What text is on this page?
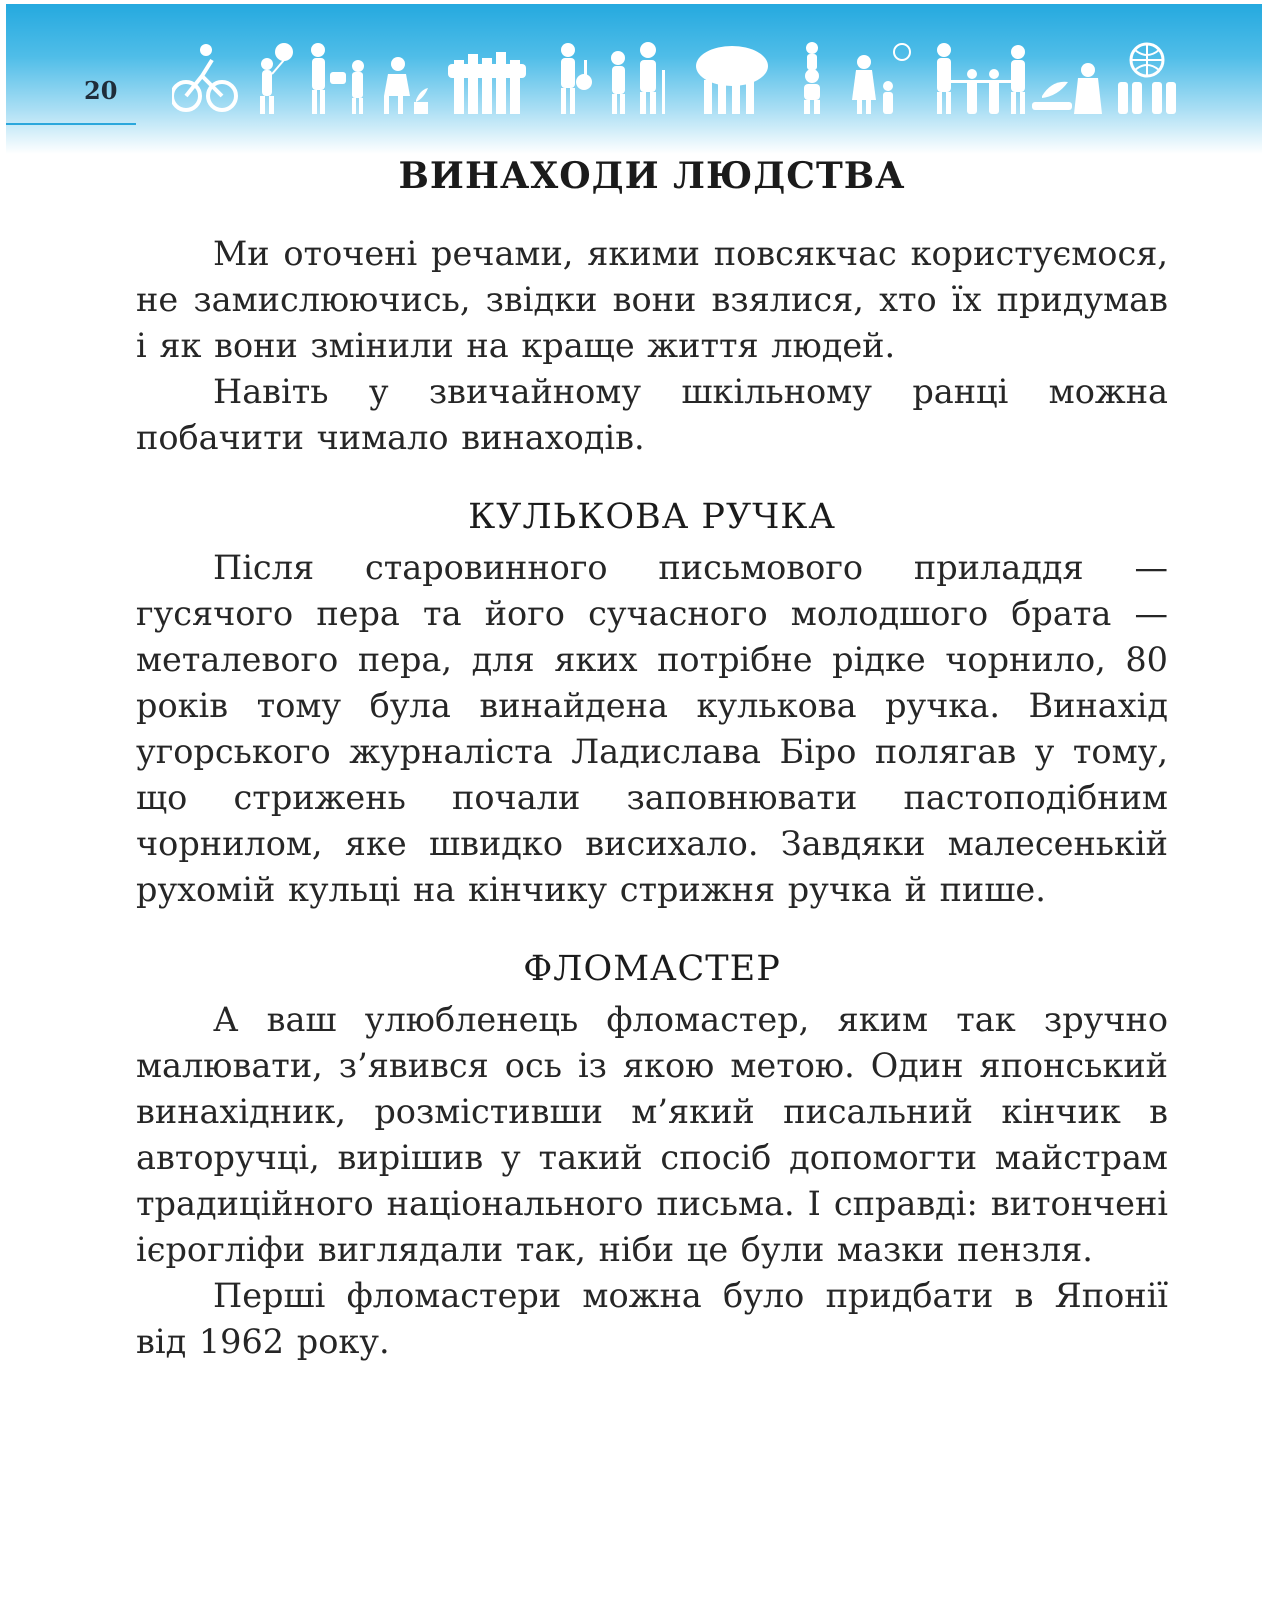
20
ВИНАХОДИ ЛЮДСТВА

Ми оточені речами, якими повсякчас користуємося, не замислюючись, звідки вони взялися, хто їх придумав і як вони змінили на краще життя людей.

Навіть у звичайному шкільному ранці можна побачити чимало винаходів.

КУЛЬКОВА РУЧКА

Після старовинного письмового приладдя — гусячого пера та його сучасного молодшого брата — металевого пера, для яких потрібне рідке чорнило, 80 років тому була винайдена кулькова ручка. Винахід угорського журналіста Ладислава Біро полягав у тому, що стрижень почали заповнювати пастоподібним чорнилом, яке швидко висихало. Завдяки малесенькій рухомій кульці на кінчику стрижня ручка й пише.

ФЛОМАСТЕР

А ваш улюбленець фломастер, яким так зручно малювати, з’явився ось із якою метою. Один японський винахідник, розмістивши м’який писальний кінчик в авторучці, вирішив у такий спосіб допомогти майстрам традиційного національного письма. І справді: витончені ієрогліфи виглядали так, ніби це були мазки пензля.

Перші фломастери можна було придбати в Японії від 1962 року.
